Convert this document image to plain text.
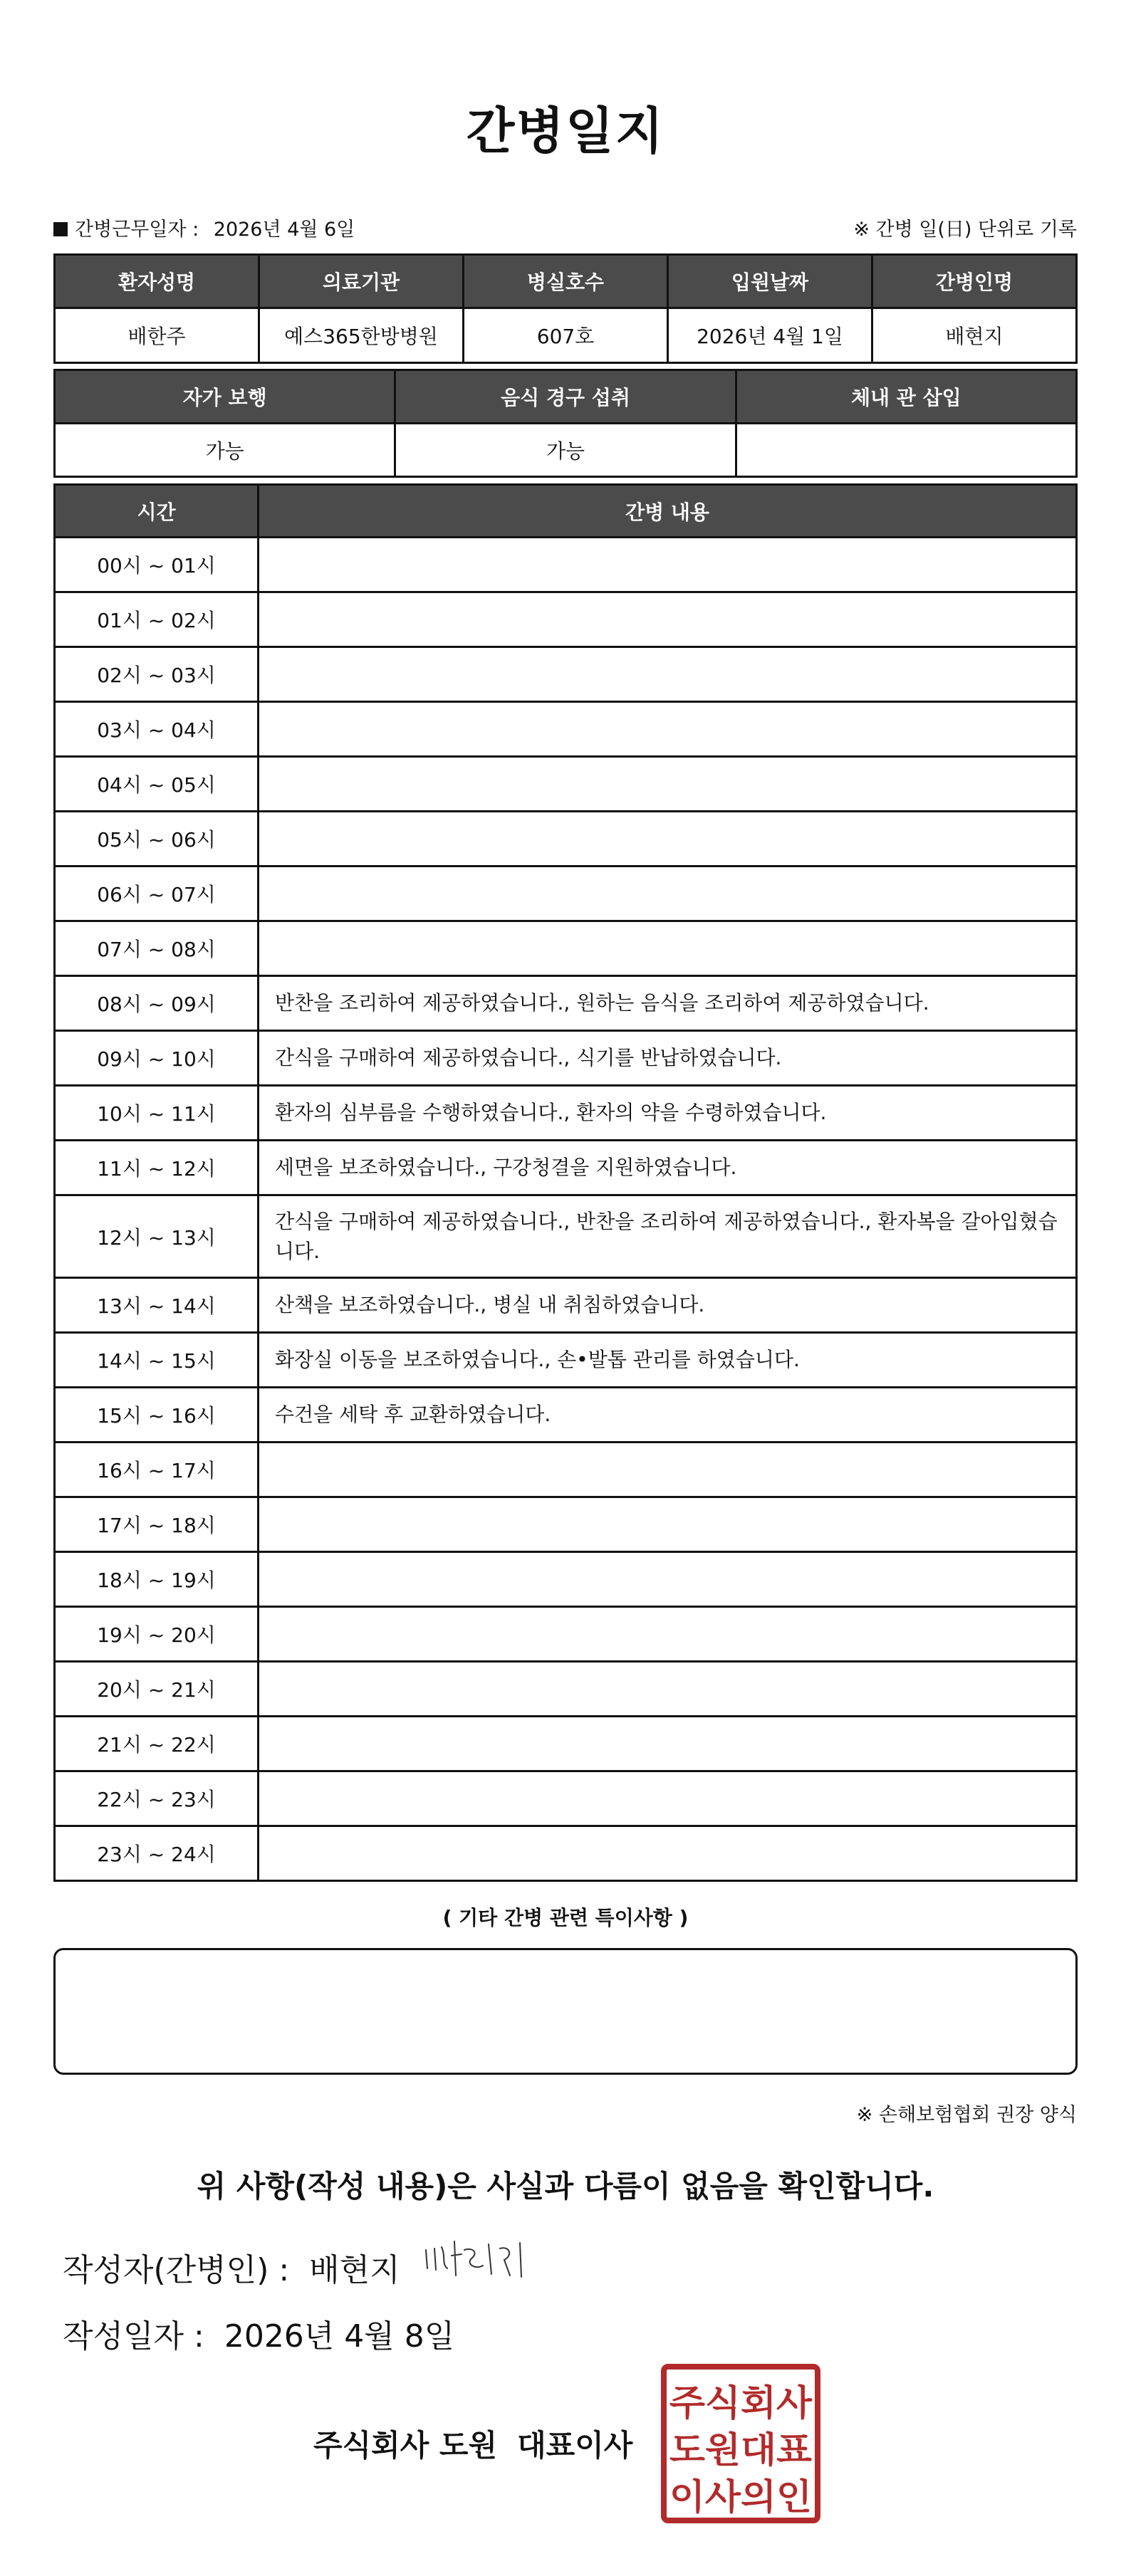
간병일지
간병근무일자 : 2026년 4월 6일	※ 간병 일(日) 단위로 기록
환자성명	의료기관	병실호수	입원날짜	간병인명
배한주	예스365한방병원	607호	2026년 4월 1일	배현지
자가 보행	음식 경구 섭취	체내 관 삽입
가능	가능	
시간	간병 내용
00시 ~ 01시	
01시 ~ 02시	
02시 ~ 03시	
03시 ~ 04시	
04시 ~ 05시	
05시 ~ 06시	
06시 ~ 07시	
07시 ~ 08시	
08시 ~ 09시	반찬을 조리하여 제공하였습니다., 원하는 음식을 조리하여 제공하였습니다.
09시 ~ 10시	간식을 구매하여 제공하였습니다., 식기를 반납하였습니다.
10시 ~ 11시	환자의 심부름을 수행하였습니다., 환자의 약을 수령하였습니다.
11시 ~ 12시	세면을 보조하였습니다., 구강청결을 지원하였습니다.
12시 ~ 13시	간식을 구매하여 제공하였습니다., 반찬을 조리하여 제공하였습니다., 환자복을 갈아입혔습니다.
13시 ~ 14시	산책을 보조하였습니다., 병실 내 취침하였습니다.
14시 ~ 15시	화장실 이동을 보조하였습니다., 손•발톱 관리를 하였습니다.
15시 ~ 16시	수건을 세탁 후 교환하였습니다.
16시 ~ 17시	
17시 ~ 18시	
18시 ~ 19시	
19시 ~ 20시	
20시 ~ 21시	
21시 ~ 22시	
22시 ~ 23시	
23시 ~ 24시	
( 기타 간병 관련 특이사항 )
※ 손해보험협회 권장 양식
위 사항(작성 내용)은 사실과 다름이 없음을 확인합니다.
작성자(간병인) : 배현지
작성일자 : 2026년 4월 8일
주식회사 도원 대표이사
주식회사
도원대표
이사의인
